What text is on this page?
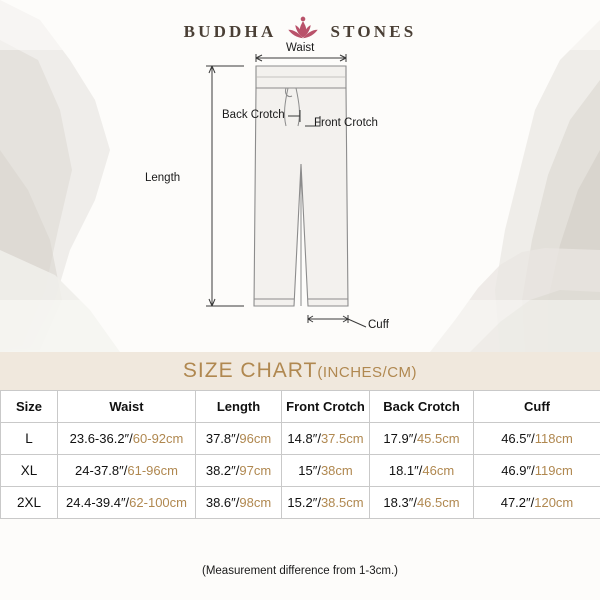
BUDDHA	STONES
Waist
Back Crotch
Front Crotch
Length
Cuff
SIZE CHART(INCHES/CM)
Size	Waist	Length	Front Crotch	Back Crotch	Cuff
L	23.6-36.2″/60-92cm	37.8″/96cm	14.8″/37.5cm	17.9″/45.5cm	46.5″/118cm
XL	24-37.8″/61-96cm	38.2″/97cm	15″/38cm	18.1″/46cm	46.9″/119cm
2XL	24.4-39.4″/62-100cm	38.6″/98cm	15.2″/38.5cm	18.3″/46.5cm	47.2″/120cm
(Measurement difference from 1-3cm.)
